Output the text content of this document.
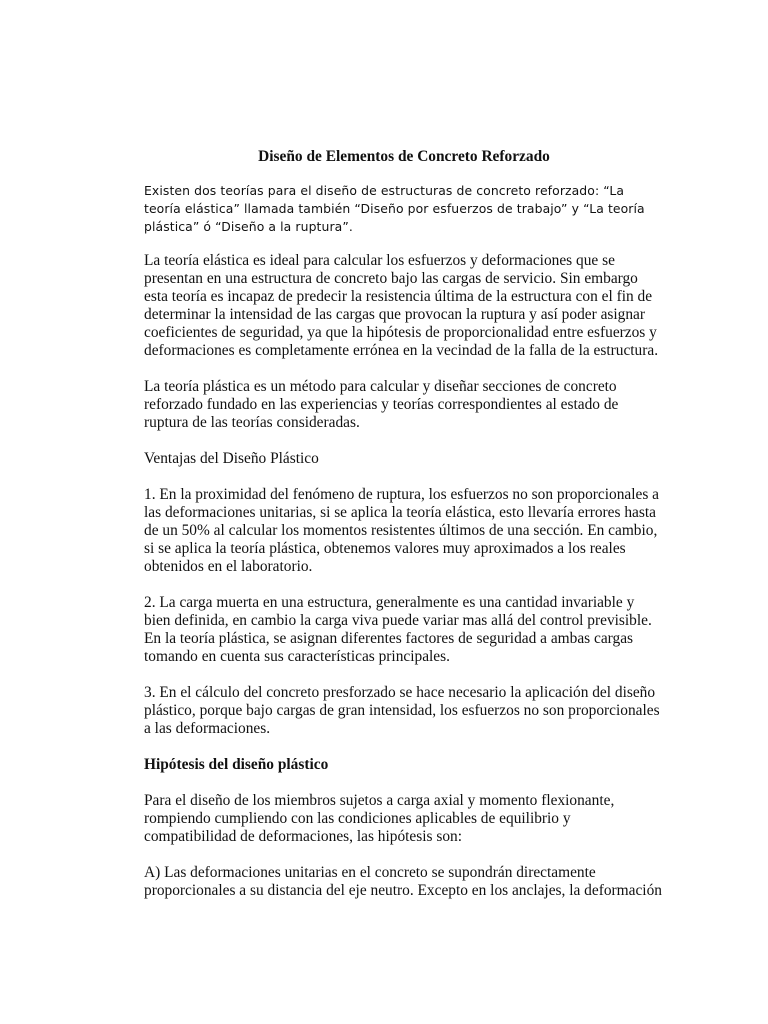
Diseño de Elementos de Concreto Reforzado
Existen dos teorías para el diseño de estructuras de concreto reforzado: “La teoría elástica” llamada también “Diseño por esfuerzos de trabajo” y “La teoría plástica” ó “Diseño a la ruptura”.
La teoría elástica es ideal para calcular los esfuerzos y deformaciones que se presentan en una estructura de concreto bajo las cargas de servicio. Sin embargo esta teoría es incapaz de predecir la resistencia última de la estructura con el fin de determinar la intensidad de las cargas que provocan la ruptura y así poder asignar coeficientes de seguridad, ya que la hipótesis de proporcionalidad entre esfuerzos y deformaciones es completamente errónea en la vecindad de la falla de la estructura.
La teoría plástica es un método para calcular y diseñar secciones de concreto reforzado fundado en las experiencias y teorías correspondientes al estado de ruptura de las teorías consideradas.
Ventajas del Diseño Plástico
1. En la proximidad del fenómeno de ruptura, los esfuerzos no son proporcionales a las deformaciones unitarias, si se aplica la teoría elástica, esto llevaría errores hasta de un 50% al calcular los momentos resistentes últimos de una sección. En cambio, si se aplica la teoría plástica, obtenemos valores muy aproximados a los reales obtenidos en el laboratorio.
2. La carga muerta en una estructura, generalmente es una cantidad invariable y bien definida, en cambio la carga viva puede variar mas allá del control previsible. En la teoría plástica, se asignan diferentes factores de seguridad a ambas cargas tomando en cuenta sus características principales.
3. En el cálculo del concreto presforzado se hace necesario la aplicación del diseño plástico, porque bajo cargas de gran intensidad, los esfuerzos no son proporcionales a las deformaciones.
Hipótesis del diseño plástico
Para el diseño de los miembros sujetos a carga axial y momento flexionante, rompiendo cumpliendo con las condiciones aplicables de equilibrio y compatibilidad de deformaciones, las hipótesis son:
A) Las deformaciones unitarias en el concreto se supondrán directamente proporcionales a su distancia del eje neutro. Excepto en los anclajes, la deformación
